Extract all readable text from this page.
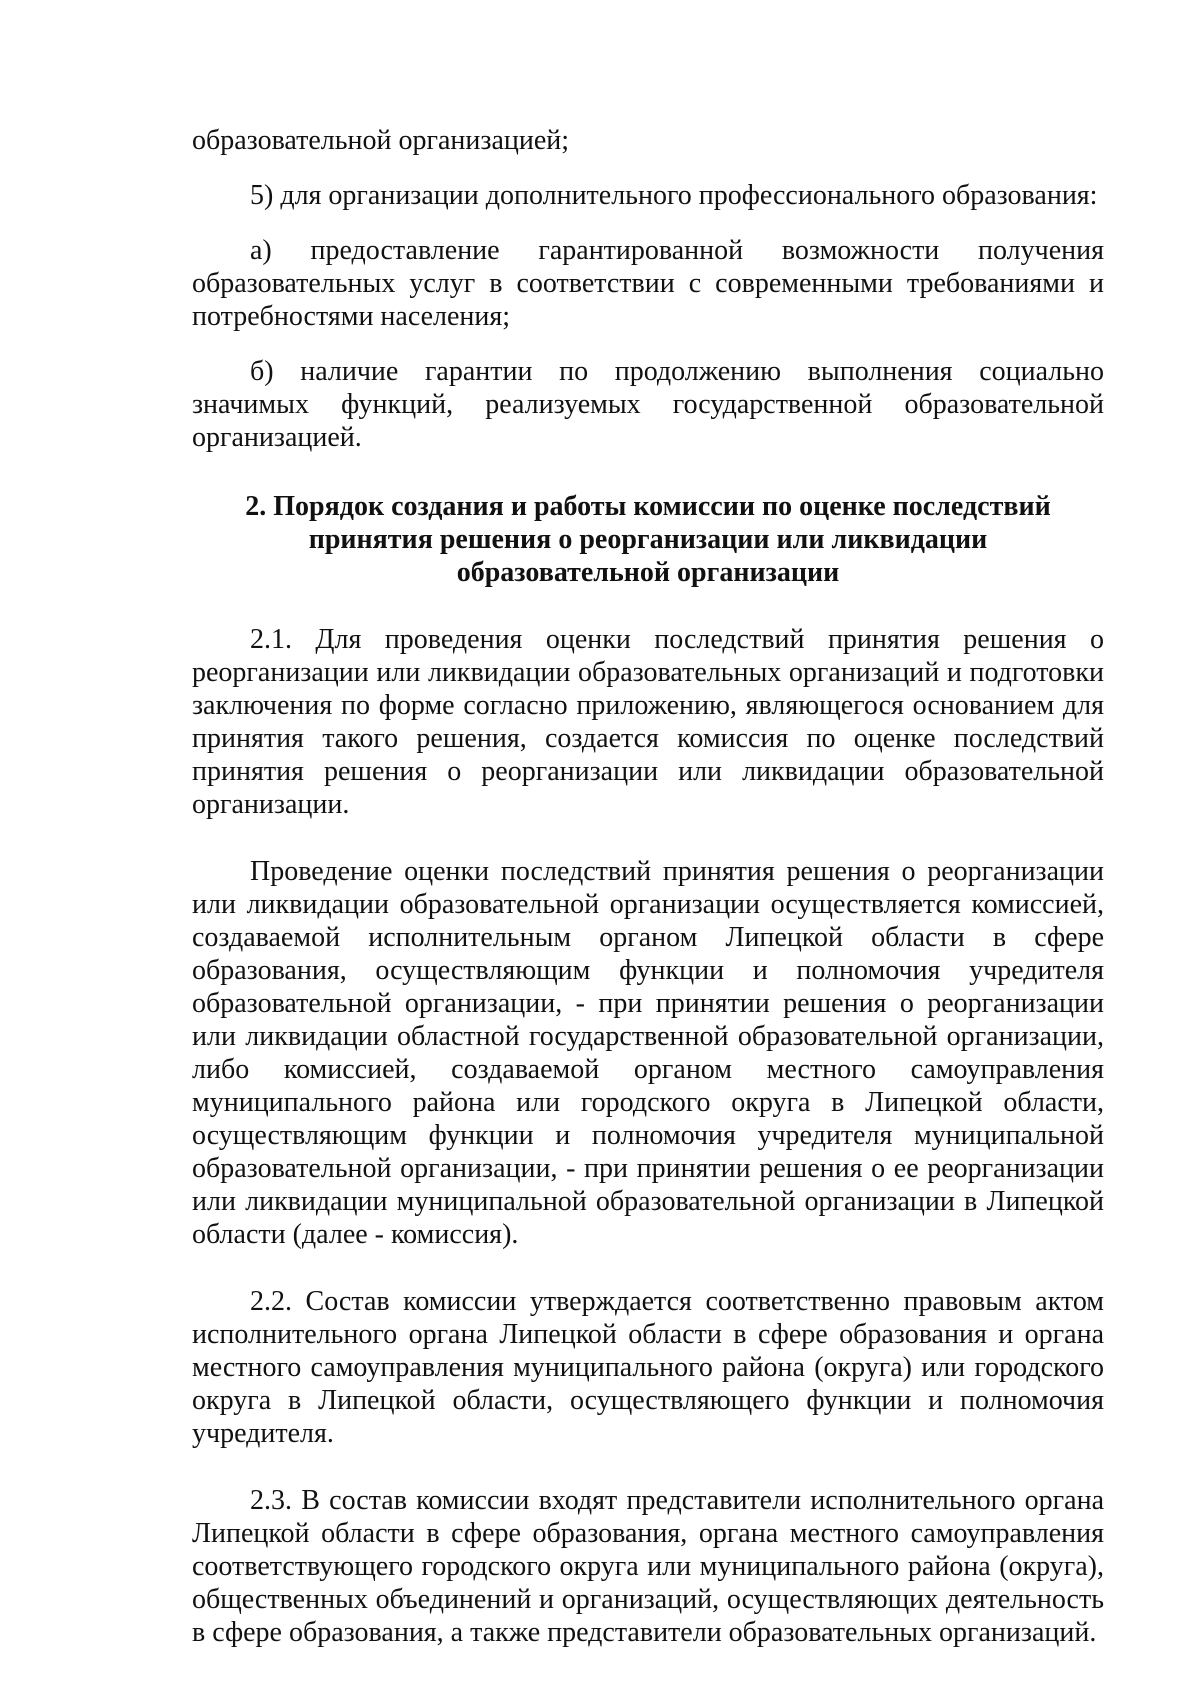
образовательной организацией;

5) для организации дополнительного профессионального образования:

а) предоставление гарантированной возможности получения образовательных услуг в соответствии с современными требованиями и потребностями населения;

б) наличие гарантии по продолжению выполнения социально значимых функций, реализуемых государственной образовательной организацией.

2. Порядок создания и работы комиссии по оценке последствий
принятия решения о реорганизации или ликвидации
образовательной организации

2.1. Для проведения оценки последствий принятия решения о реорганизации или ликвидации образовательных организаций и подготовки заключения по форме согласно приложению, являющегося основанием для принятия такого решения, создается комиссия по оценке последствий принятия решения о реорганизации или ликвидации образовательной организации.

Проведение оценки последствий принятия решения о реорганизации или ликвидации образовательной организации осуществляется комиссией, создаваемой исполнительным органом Липецкой области в сфере образования, осуществляющим функции и полномочия учредителя образовательной организации, - при принятии решения о реорганизации или ликвидации областной государственной образовательной организации, либо комиссией, создаваемой органом местного самоуправления муниципального района или городского округа в Липецкой области, осуществляющим функции и полномочия учредителя муниципальной образовательной организации, - при принятии решения о ее реорганизации или ликвидации муниципальной образовательной организации в Липецкой области (далее - комиссия).

2.2. Состав комиссии утверждается соответственно правовым актом исполнительного органа Липецкой области в сфере образования и органа местного самоуправления муниципального района (округа) или городского округа в Липецкой области, осуществляющего функции и полномочия учредителя.

2.3. В состав комиссии входят представители исполнительного органа Липецкой области в сфере образования, органа местного самоуправления соответствующего городского округа или муниципального района (округа), общественных объединений и организаций, осуществляющих деятельность в сфере образования, а также представители образовательных организаций.
